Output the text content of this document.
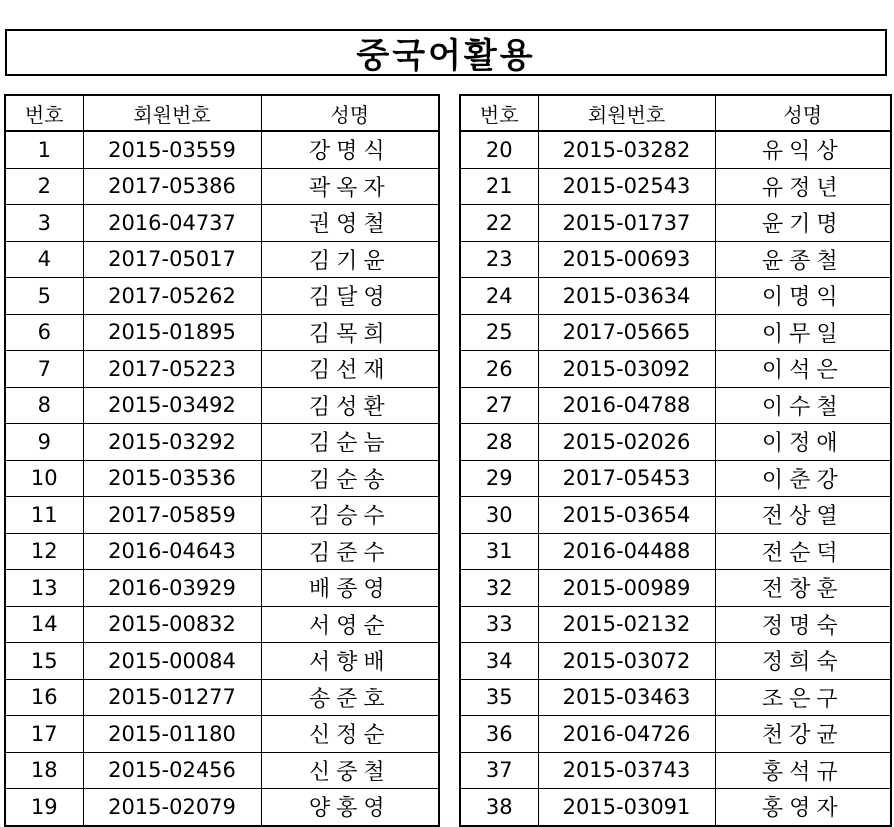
중국어활용
번호	회원번호	성명
1	2015-03559	강명식
2	2017-05386	곽옥자
3	2016-04737	권영철
4	2017-05017	김기윤
5	2017-05262	김달영
6	2015-01895	김목희
7	2017-05223	김선재
8	2015-03492	김성환
9	2015-03292	김순늠
10	2015-03536	김순송
11	2017-05859	김승수
12	2016-04643	김준수
13	2016-03929	배종영
14	2015-00832	서영순
15	2015-00084	서향배
16	2015-01277	송준호
17	2015-01180	신정순
18	2015-02456	신중철
19	2015-02079	양홍영
번호	회원번호	성명
20	2015-03282	유익상
21	2015-02543	유정년
22	2015-01737	윤기명
23	2015-00693	윤종철
24	2015-03634	이명익
25	2017-05665	이무일
26	2015-03092	이석은
27	2016-04788	이수철
28	2015-02026	이정애
29	2017-05453	이춘강
30	2015-03654	전상열
31	2016-04488	전순덕
32	2015-00989	전창훈
33	2015-02132	정명숙
34	2015-03072	정희숙
35	2015-03463	조은구
36	2016-04726	천강균
37	2015-03743	홍석규
38	2015-03091	홍영자
